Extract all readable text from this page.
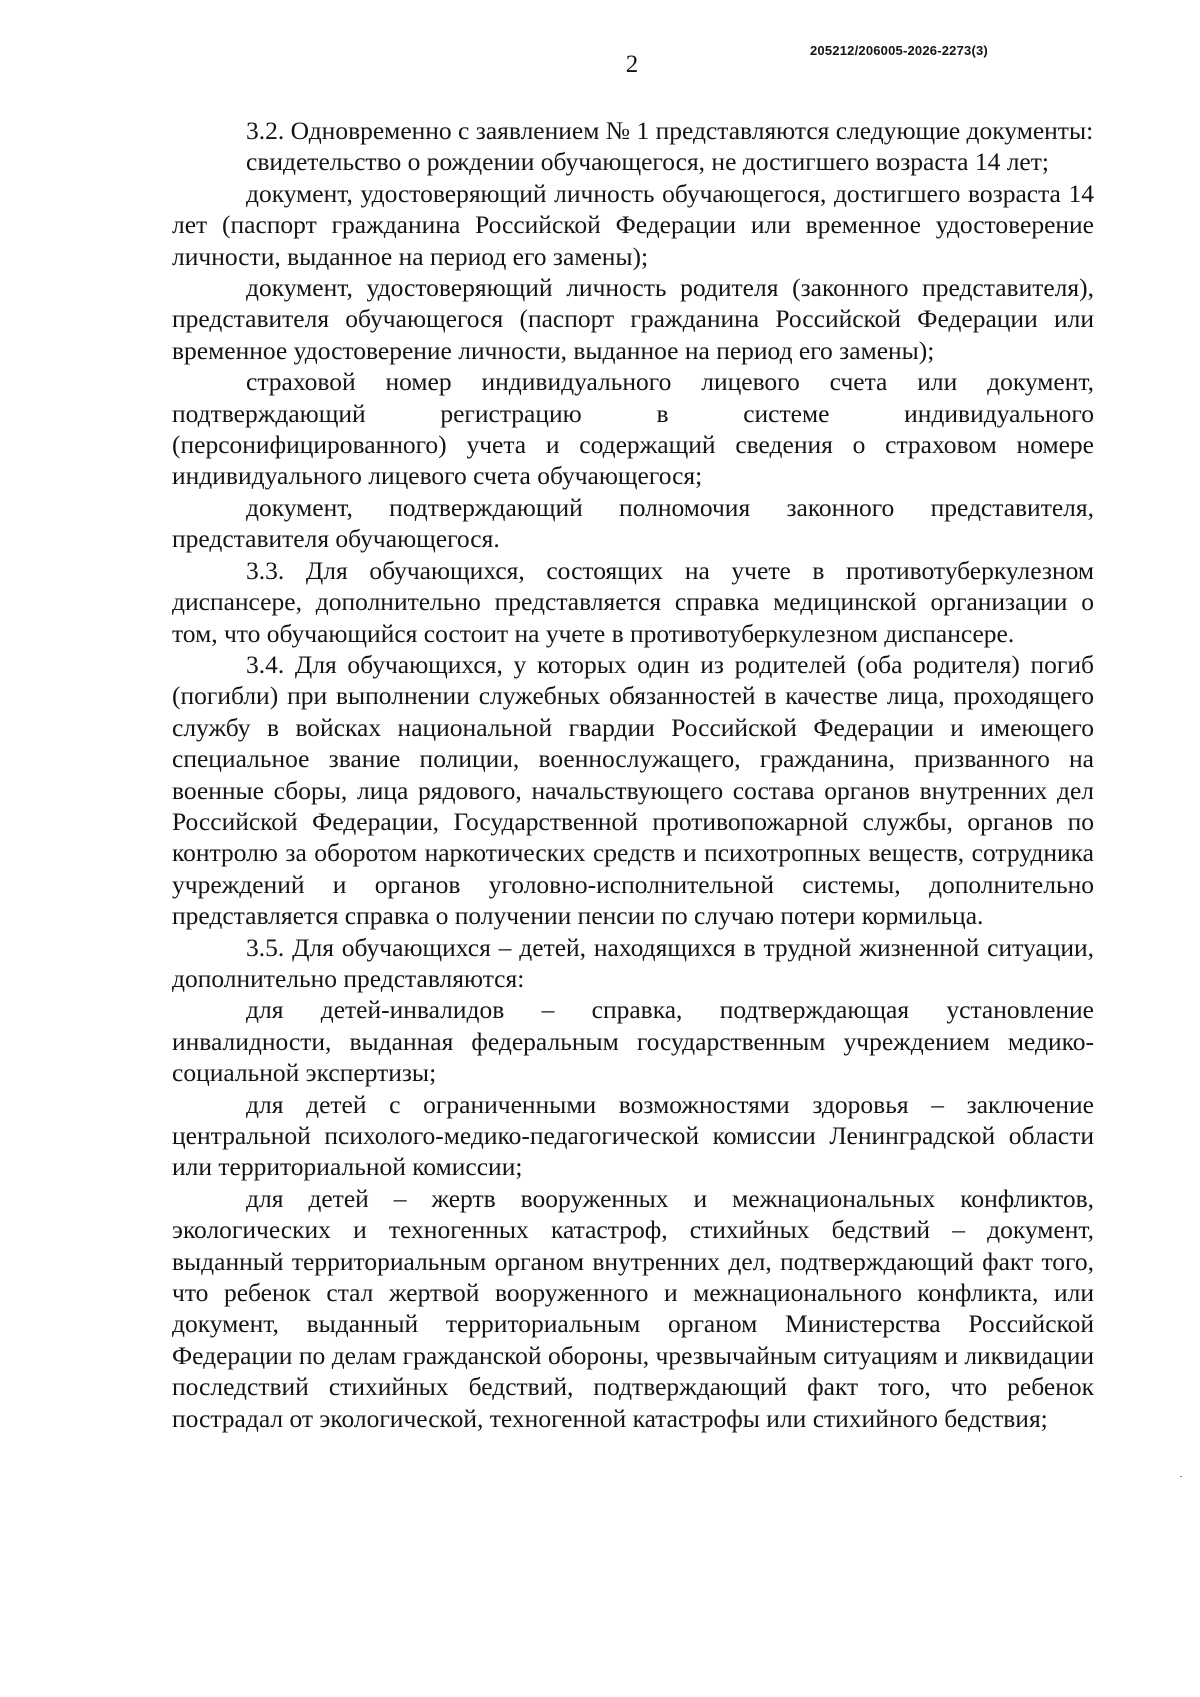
2
205212/206005-2026-2273(3)

3.2. Одновременно с заявлением № 1 представляются следующие документы:

свидетельство о рождении обучающегося, не достигшего возраста 14 лет;

документ, удостоверяющий личность обучающегося, достигшего возраста 14 лет (паспорт гражданина Российской Федерации или временное удостоверение личности, выданное на период его замены);

документ, удостоверяющий личность родителя (законного представителя), представителя обучающегося (паспорт гражданина Российской Федерации или временное удостоверение личности, выданное на период его замены);

страховой номер индивидуального лицевого счета или документ, подтверждающий регистрацию в системе индивидуального (персонифицированного) учета и содержащий сведения о страховом номере индивидуального лицевого счета обучающегося;

документ, подтверждающий полномочия законного представителя, представителя обучающегося.

3.3. Для обучающихся, состоящих на учете в противотуберкулезном диспансере, дополнительно представляется справка медицинской организации о том, что обучающийся состоит на учете в противотуберкулезном диспансере.

3.4. Для обучающихся, у которых один из родителей (оба родителя) погиб (погибли) при выполнении служебных обязанностей в качестве лица, проходящего службу в войсках национальной гвардии Российской Федерации и имеющего специальное звание полиции, военнослужащего, гражданина, призванного на военные сборы, лица рядового, начальствующего состава органов внутренних дел Российской Федерации, Государственной противопожарной службы, органов по контролю за оборотом наркотических средств и психотропных веществ, сотрудника учреждений и органов уголовно-исполнительной системы, дополнительно представляется справка о получении пенсии по случаю потери кормильца.

3.5. Для обучающихся – детей, находящихся в трудной жизненной ситуации, дополнительно представляются:

для детей-инвалидов – справка, подтверждающая установление инвалидности, выданная федеральным государственным учреждением медико-социальной экспертизы;

для детей с ограниченными возможностями здоровья – заключение центральной психолого-медико-педагогической комиссии Ленинградской области или территориальной комиссии;

для детей – жертв вооруженных и межнациональных конфликтов, экологических и техногенных катастроф, стихийных бедствий – документ, выданный территориальным органом внутренних дел, подтверждающий факт того, что ребенок стал жертвой вооруженного и межнационального конфликта, или документ, выданный территориальным органом Министерства Российской Федерации по делам гражданской обороны, чрезвычайным ситуациям и ликвидации последствий стихийных бедствий, подтверждающий факт того, что ребенок пострадал от экологической, техногенной катастрофы или стихийного бедствия;
